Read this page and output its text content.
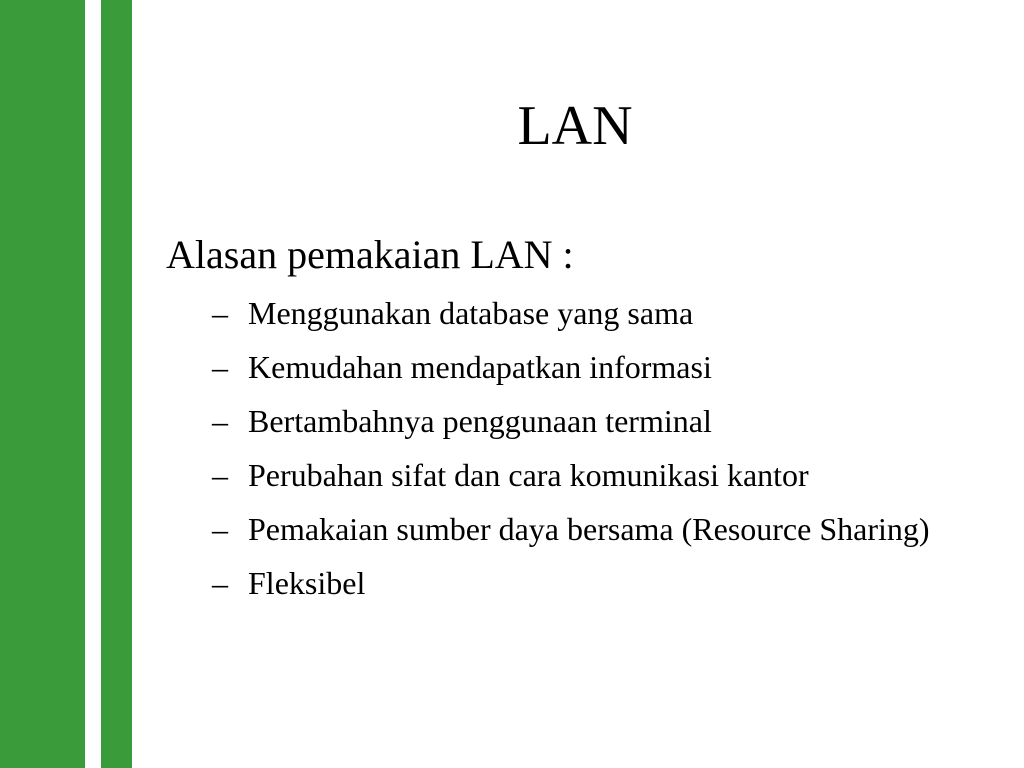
LAN
Alasan pemakaian LAN :
– Menggunakan database yang sama
– Kemudahan mendapatkan informasi
– Bertambahnya penggunaan terminal
– Perubahan sifat dan cara komunikasi kantor
– Pemakaian sumber daya bersama (Resource Sharing)
– Fleksibel
